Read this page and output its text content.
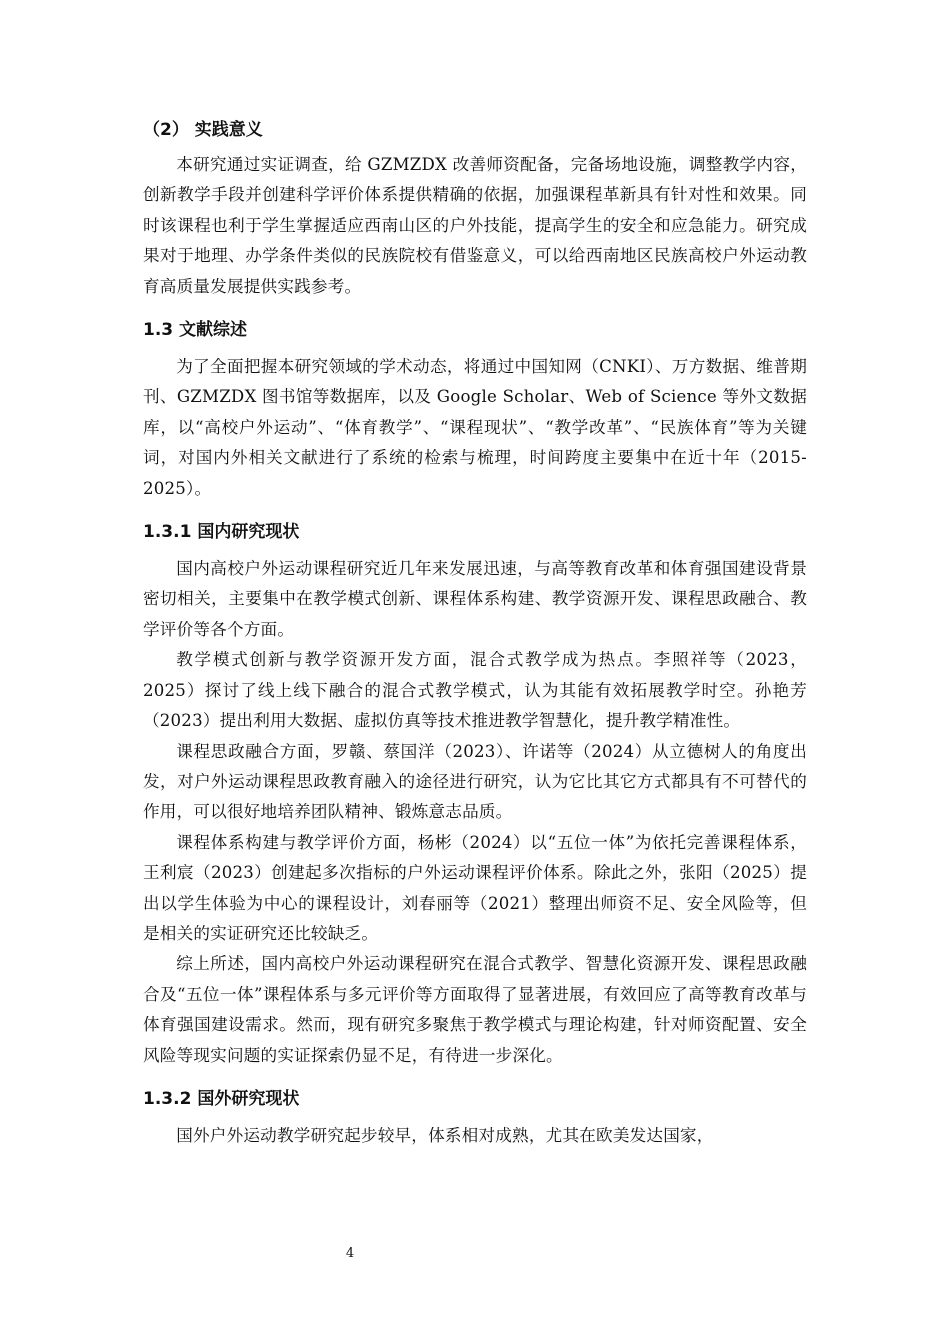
（2） 实践意义

本研究通过实证调查，给 GZMZDX 改善师资配备，完备场地设施，调整教学内容，创新教学手段并创建科学评价体系提供精确的依据，加强课程革新具有针对性和效果。同时该课程也利于学生掌握适应西南山区的户外技能，提高学生的安全和应急能力。研究成果对于地理、办学条件类似的民族院校有借鉴意义，可以给西南地区民族高校户外运动教育高质量发展提供实践参考。

1.3 文献综述

为了全面把握本研究领域的学术动态，将通过中国知网（CNKI）、万方数据、维普期刊、GZMZDX 图书馆等数据库，以及 Google Scholar、Web of Science 等外文数据库，以“高校户外运动”、“体育教学”、“课程现状”、“教学改革”、“民族体育”等为关键词，对国内外相关文献进行了系统的检索与梳理，时间跨度主要集中在近十年（2015-2025）。

1.3.1 国内研究现状

国内高校户外运动课程研究近几年来发展迅速，与高等教育改革和体育强国建设背景密切相关，主要集中在教学模式创新、课程体系构建、教学资源开发、课程思政融合、教学评价等各个方面。

教学模式创新与教学资源开发方面，混合式教学成为热点。李照祥等（2023，2025）探讨了线上线下融合的混合式教学模式，认为其能有效拓展教学时空。孙艳芳（2023）提出利用大数据、虚拟仿真等技术推进教学智慧化，提升教学精准性。

课程思政融合方面，罗赣、蔡国洋（2023）、许诺等（2024）从立德树人的角度出发，对户外运动课程思政教育融入的途径进行研究，认为它比其它方式都具有不可替代的作用，可以很好地培养团队精神、锻炼意志品质。

课程体系构建与教学评价方面，杨彬（2024）以“五位一体”为依托完善课程体系，王利宸（2023）创建起多次指标的户外运动课程评价体系。除此之外，张阳（2025）提出以学生体验为中心的课程设计，刘春丽等（2021）整理出师资不足、安全风险等，但是相关的实证研究还比较缺乏。

综上所述，国内高校户外运动课程研究在混合式教学、智慧化资源开发、课程思政融合及“五位一体”课程体系与多元评价等方面取得了显著进展，有效回应了高等教育改革与体育强国建设需求。然而，现有研究多聚焦于教学模式与理论构建，针对师资配置、安全风险等现实问题的实证探索仍显不足，有待进一步深化。

1.3.2 国外研究现状

国外户外运动教学研究起步较早，体系相对成熟，尤其在欧美发达国家，

4
